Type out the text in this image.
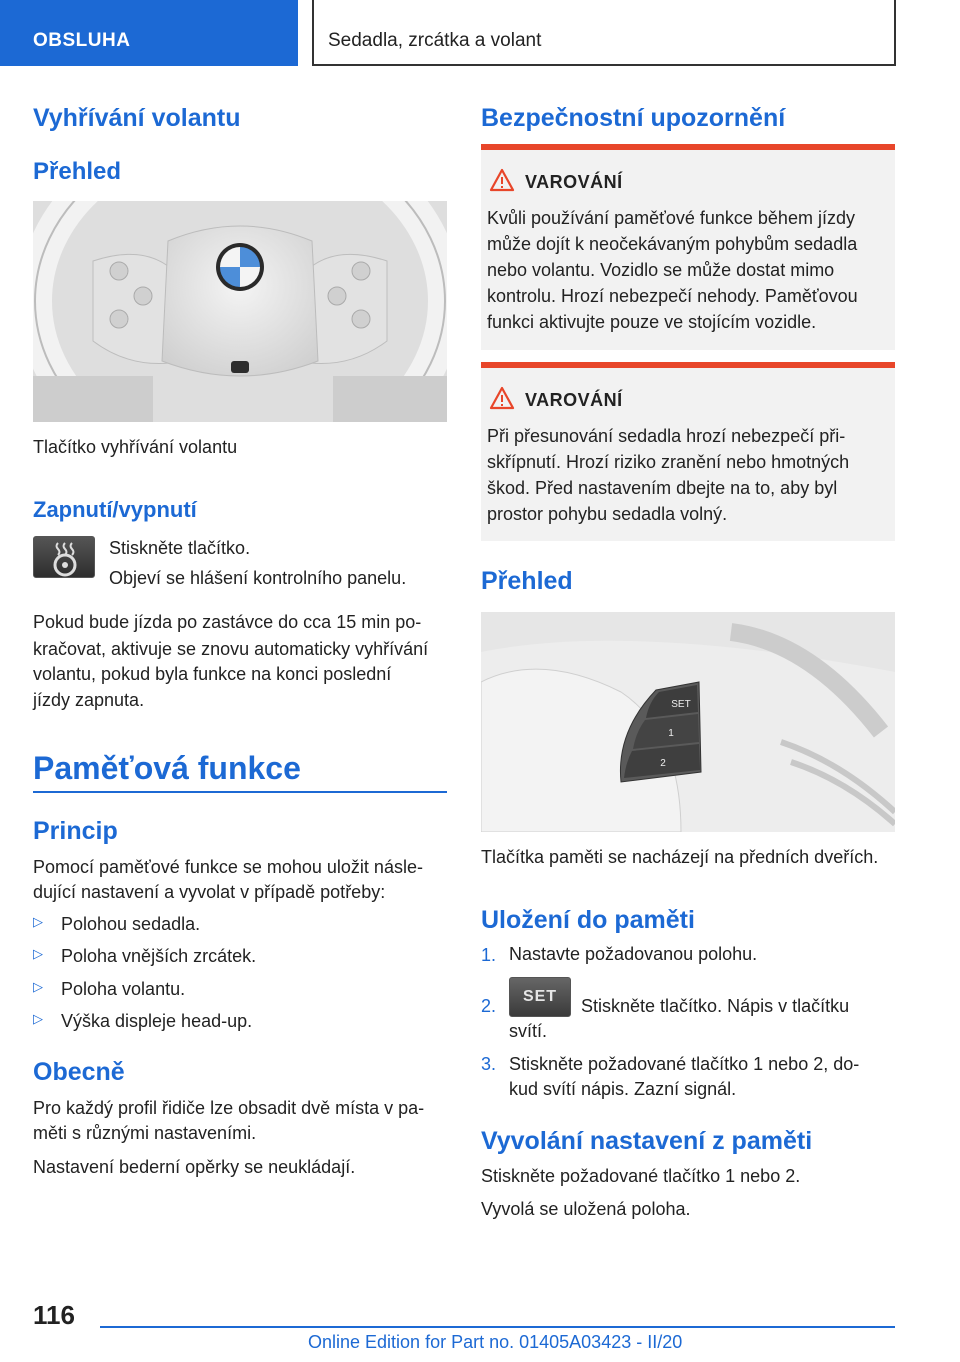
OBSLUHA	Sedadla, zrcátka a volant
Vyhřívání volantu
Přehled
Tlačítko vyhřívání volantu
Zapnutí/vypnutí
Stiskněte tlačítko.
Objeví se hlášení kontrolního panelu.
Pokud bude jízda po zastávce do cca 15 min po-
kračovat, aktivuje se znovu automaticky vyhřívání
volantu, pokud byla funkce na konci poslední
jízdy zapnuta.
Paměťová funkce
Princip
Pomocí paměťové funkce se mohou uložit násle-
dující nastavení a vyvolat v případě potřeby:
▷ Polohou sedadla.
▷ Poloha vnějších zrcátek.
▷ Poloha volantu.
▷ Výška displeje head-up.
Obecně
Pro každý profil řidiče lze obsadit dvě místa v pa-
měti s různými nastaveními.
Nastavení bederní opěrky se neukládají.
Bezpečnostní upozornění
VAROVÁNÍ
Kvůli používání paměťové funkce během jízdy
může dojít k neočekávaným pohybům sedadla
nebo volantu. Vozidlo se může dostat mimo
kontrolu. Hrozí nebezpečí nehody. Paměťovou
funkci aktivujte pouze ve stojícím vozidle.
VAROVÁNÍ
Při přesunování sedadla hrozí nebezpečí při-
skřípnutí. Hrozí riziko zranění nebo hmotných
škod. Před nastavením dbejte na to, aby byl
prostor pohybu sedadla volný.
Přehled
SET
1
2
Tlačítka paměti se nacházejí na předních dveřích.
Uložení do paměti
1. Nastavte požadovanou polohu.
2.	SET	Stiskněte tlačítko. Nápis v tlačítku
svítí.
3. Stiskněte požadované tlačítko 1 nebo 2, do-
kud svítí nápis. Zazní signál.
Vyvolání nastavení z paměti
Stiskněte požadované tlačítko 1 nebo 2.
Vyvolá se uložená poloha.
116
Online Edition for Part no. 01405A03423 - II/20
